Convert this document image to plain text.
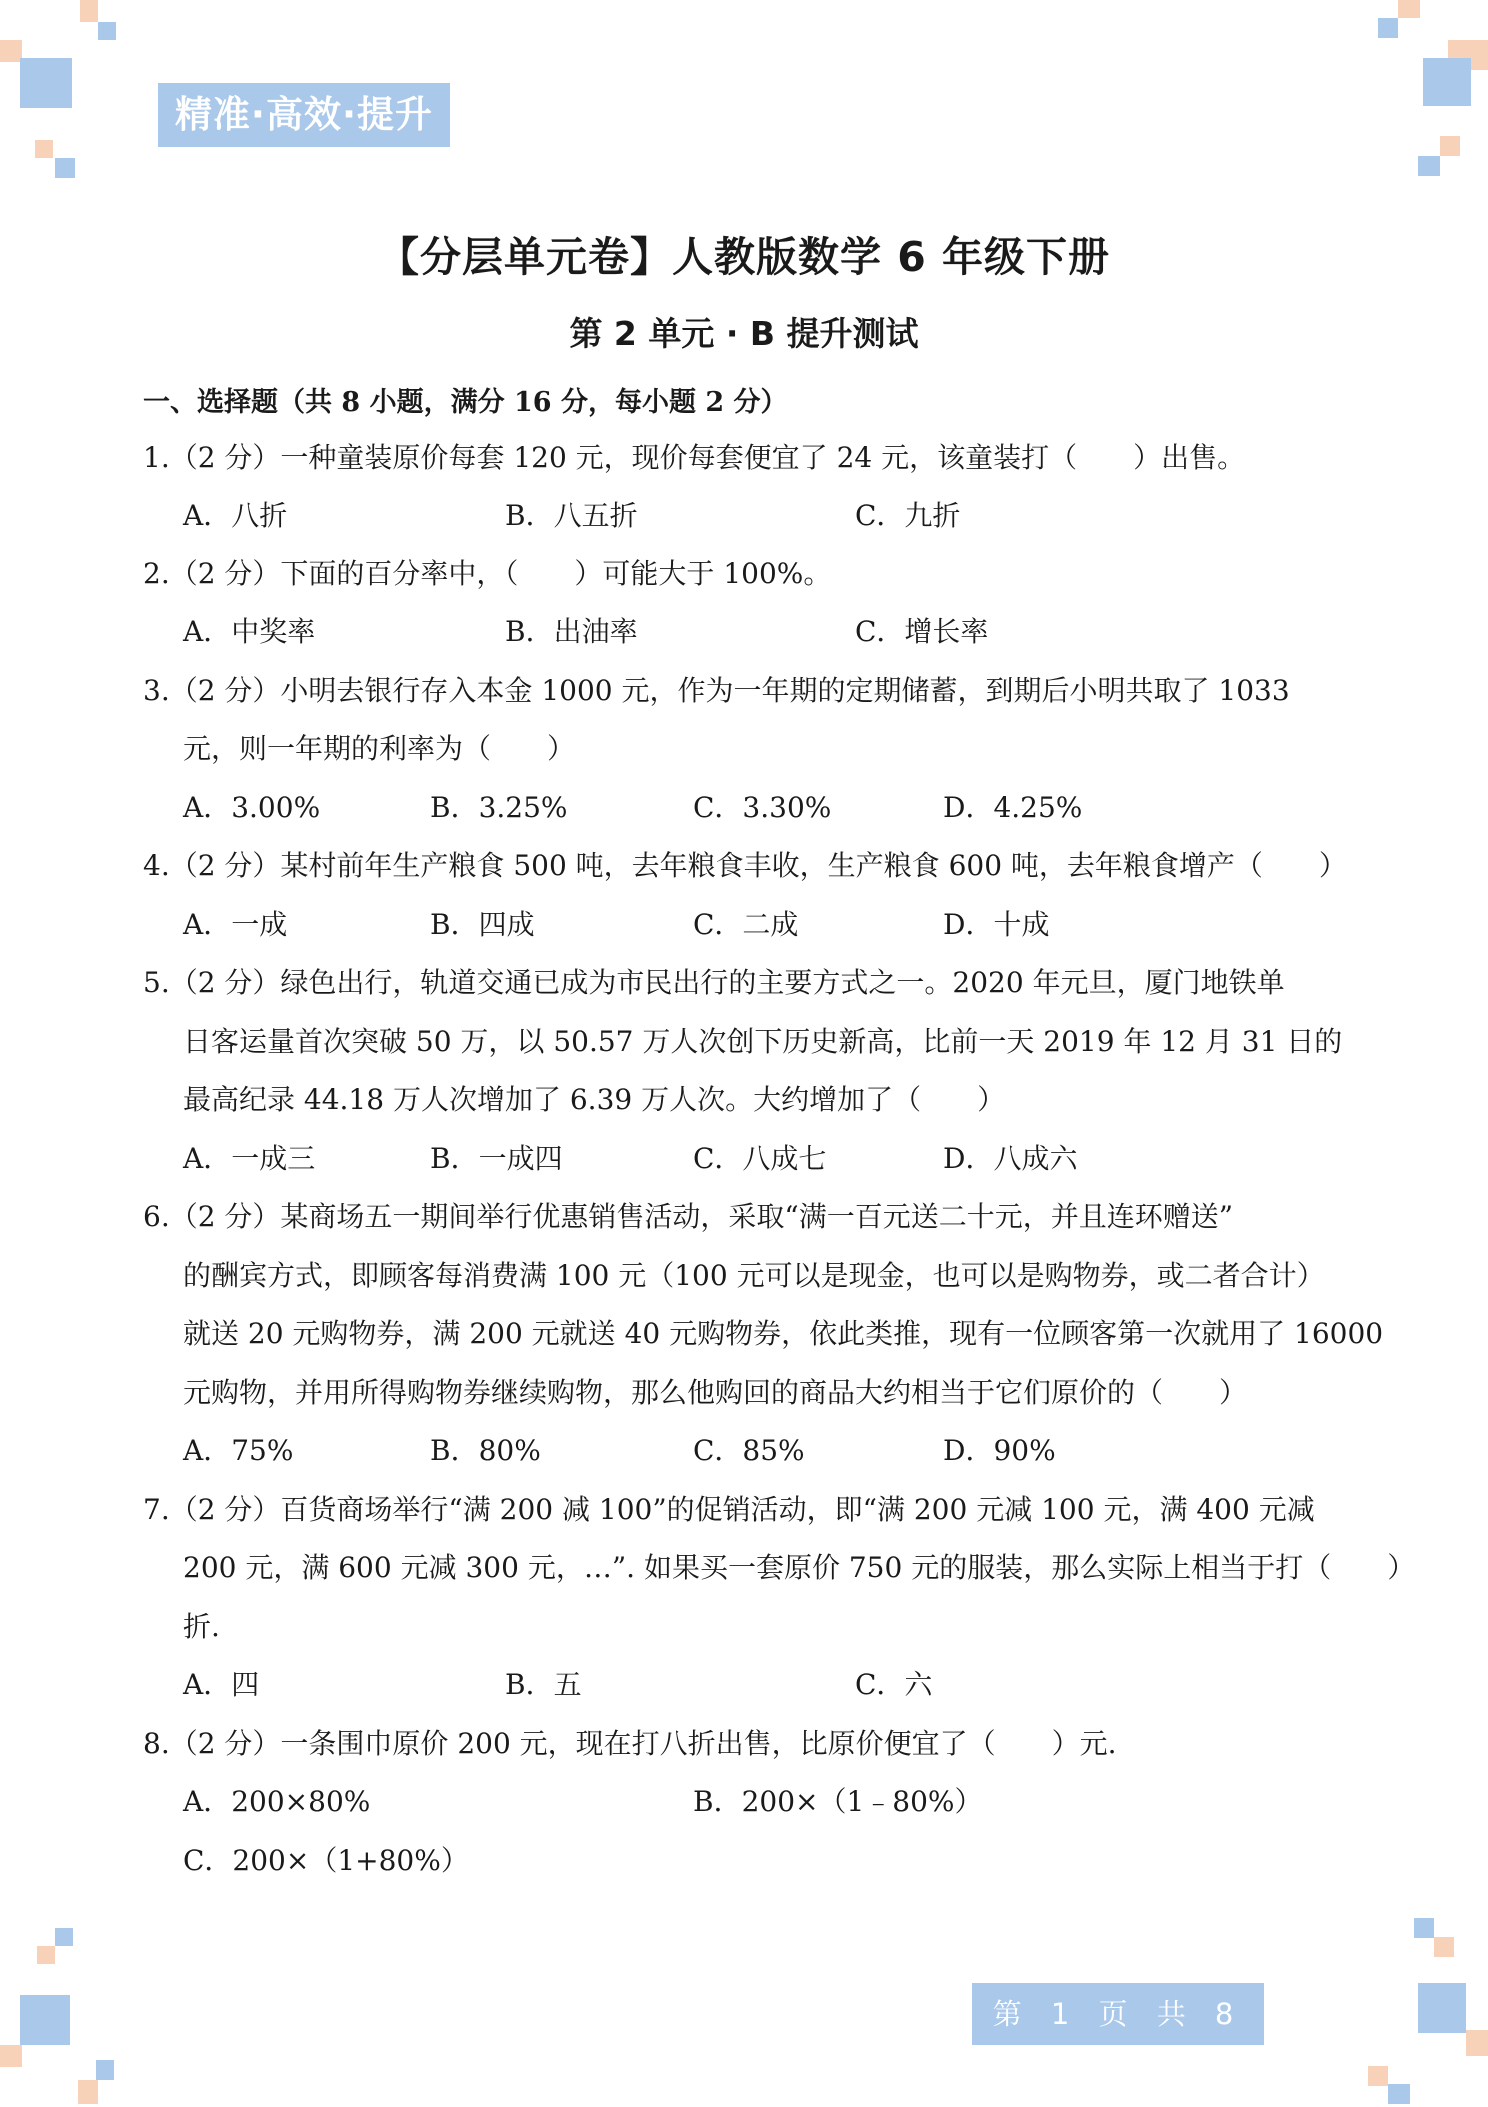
精准·高效·提升
【分层单元卷】人教版数学 6 年级下册
第 2 单元 · B 提升测试
一、选择题（共 8 小题，满分 16 分，每小题 2 分）
1.（2 分）一种童装原价每套 120 元，现价每套便宜了 24 元，该童装打（　　）出售。
A．八折	B．八五折	C．九折
2.（2 分）下面的百分率中，（　　）可能大于 100%。
A．中奖率	B．出油率	C．增长率
3.（2 分）小明去银行存入本金 1000 元，作为一年期的定期储蓄，到期后小明共取了 1033
元，则一年期的利率为（　　）
A．3.00%	B．3.25%	C．3.30%	D．4.25%
4.（2 分）某村前年生产粮食 500 吨，去年粮食丰收，生产粮食 600 吨，去年粮食增产（　　）
A．一成	B．四成	C．二成	D．十成
5.（2 分）绿色出行，轨道交通已成为市民出行的主要方式之一。2020 年元旦，厦门地铁单
日客运量首次突破 50 万，以 50.57 万人次创下历史新高，比前一天 2019 年 12 月 31 日的
最高纪录 44.18 万人次增加了 6.39 万人次。大约增加了（　　）
A．一成三	B．一成四	C．八成七	D．八成六
6.（2 分）某商场五一期间举行优惠销售活动，采取“满一百元送二十元，并且连环赠送”
的酬宾方式，即顾客每消费满 100 元（100 元可以是现金，也可以是购物券，或二者合计）
就送 20 元购物券，满 200 元就送 40 元购物券，依此类推，现有一位顾客第一次就用了 16000
元购物，并用所得购物券继续购物，那么他购回的商品大约相当于它们原价的（　　）
A．75%	B．80%	C．85%	D．90%
7.（2 分）百货商场举行“满 200 减 100”的促销活动，即“满 200 元减 100 元，满 400 元减
200 元，满 600 元减 300 元，…”. 如果买一套原价 750 元的服装，那么实际上相当于打（　　）
折.
A．四	B．五	C．六
8.（2 分）一条围巾原价 200 元，现在打八折出售，比原价便宜了（　　）元.
A．200×80%	B．200×（1﹣80%）
C．200×（1+80%）
第 1 页 共 8 页
